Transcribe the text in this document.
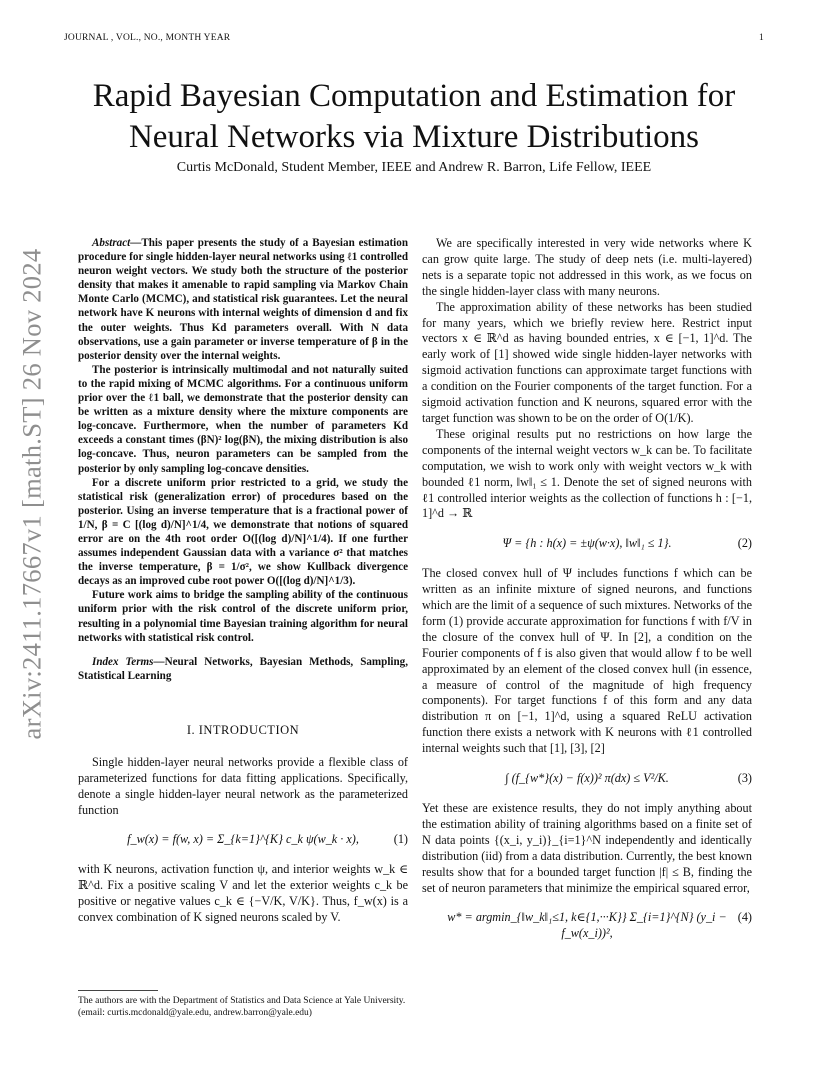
JOURNAL , VOL., NO., MONTH YEAR	1
Rapid Bayesian Computation and Estimation for
Neural Networks via Mixture Distributions
Curtis McDonald, Student Member, IEEE and Andrew R. Barron, Life Fellow, IEEE
arXiv:2411.17667v1 [math.ST] 26 Nov 2024

Abstract—This paper presents the study of a Bayesian estimation procedure for single hidden-layer neural networks using ℓ1 controlled neuron weight vectors. We study both the structure of the posterior density that makes it amenable to rapid sampling via Markov Chain Monte Carlo (MCMC), and statistical risk guarantees. Let the neural network have K neurons with internal weights of dimension d and fix the outer weights. Thus Kd parameters overall. With N data observations, use a gain parameter or inverse temperature of β in the posterior density over the internal weights.

The posterior is intrinsically multimodal and not naturally suited to the rapid mixing of MCMC algorithms. For a continuous uniform prior over the ℓ1 ball, we demonstrate that the posterior density can be written as a mixture density where the mixture components are log-concave. Furthermore, when the number of parameters Kd exceeds a constant times (βN)² log(βN), the mixing distribution is also log-concave. Thus, neuron parameters can be sampled from the posterior by only sampling log-concave densities.

For a discrete uniform prior restricted to a grid, we study the statistical risk (generalization error) of procedures based on the posterior. Using an inverse temperature that is a fractional power of 1/N, β = C [(log d)/N]^1/4, we demonstrate that notions of squared error are on the 4th root order O([(log d)/N]^1/4). If one further assumes independent Gaussian data with a variance σ² that matches the inverse temperature, β = 1/σ², we show Kullback divergence decays as an improved cube root power O([(log d)/N]^1/3).

Future work aims to bridge the sampling ability of the continuous uniform prior with the risk control of the discrete uniform prior, resulting in a polynomial time Bayesian training algorithm for neural networks with statistical risk control.

Index Terms—Neural Networks, Bayesian Methods, Sampling, Statistical Learning

I. INTRODUCTION

Single hidden-layer neural networks provide a flexible class of parameterized functions for data fitting applications. Specifically, denote a single hidden-layer neural network as the parameterized function

f_w(x) = f(w, x) = Σ_{k=1}^{K} c_k ψ(w_k · x),	(1)

with K neurons, activation function ψ, and interior weights w_k ∈ ℝ^d. Fix a positive scaling V and let the exterior weights c_k be positive or negative values c_k ∈ {−V/K, V/K}. Thus, f_w(x) is a convex combination of K signed neurons scaled by V.

We are specifically interested in very wide networks where K can grow quite large. The study of deep nets (i.e. multi-layered) nets is a separate topic not addressed in this work, as we focus on the single hidden-layer class with many neurons.

The approximation ability of these networks has been studied for many years, which we briefly review here. Restrict input vectors x ∈ ℝ^d as having bounded entries, x ∈ [−1, 1]^d. The early work of [1] showed wide single hidden-layer networks with sigmoid activation functions can approximate target functions with a condition on the Fourier components of the target function. For a sigmoid activation function and K neurons, squared error with the target function was shown to be on the order of O(1/K).

These original results put no restrictions on how large the components of the internal weight vectors w_k can be. To facilitate computation, we wish to work only with weight vectors w_k with bounded ℓ1 norm, ‖w‖₁ ≤ 1. Denote the set of signed neurons with ℓ1 controlled interior weights as the collection of functions h : [−1, 1]^d → ℝ

Ψ = {h : h(x) = ±ψ(w·x), ‖w‖₁ ≤ 1}.	(2)

The closed convex hull of Ψ includes functions f which can be written as an infinite mixture of signed neurons, and functions which are the limit of a sequence of such mixtures. Networks of the form (1) provide accurate approximation for functions f with f/V in the closure of the convex hull of Ψ. In [2], a condition on the Fourier components of f is also given that would allow f to be well approximated by an element of the closed convex hull (in essence, a measure of control of the magnitude of high frequency components). For target functions f of this form and any data distribution π on [−1, 1]^d, using a squared ReLU activation function there exists a network with K neurons with ℓ1 controlled internal weights such that [1], [3], [2]

∫ (f_{w*}(x) − f(x))² π(dx) ≤ V²/K.	(3)

Yet these are existence results, they do not imply anything about the estimation ability of training algorithms based on a finite set of N data points {(x_i, y_i)}_{i=1}^N independently and identically distribution (iid) from a data distribution. Currently, the best known results show that for a bounded target function |f| ≤ B, finding the set of neuron parameters that minimize the empirical squared error,

w* = argmin_{‖w_k‖₁≤1, k∈{1,···K}} Σ_{i=1}^{N} (y_i − f_w(x_i))²,
(4)
The authors are with the Department of Statistics and Data Science at Yale University. (email: curtis.mcdonald@yale.edu, andrew.barron@yale.edu)
